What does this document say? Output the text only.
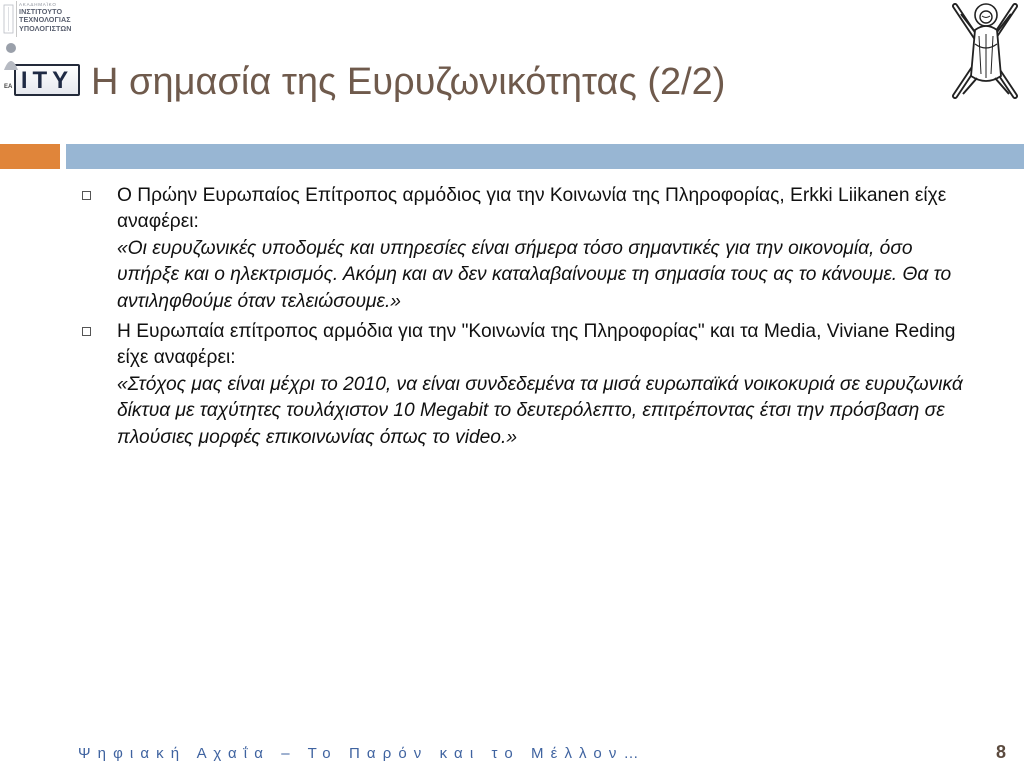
ΑΚΑΔΗΜΑΪΚΟ
ΙΝΣΤΙΤΟΥΤΟ
ΤΕΧΝΟΛΟΓΙΑΣ
ΥΠΟΛΟΓΙΣΤΩΝ
ΕΑ ITY Η σημασία της Ευρυζωνικότητας (2/2)
Ο Πρώην Ευρωπαίος Επίτροπος αρμόδιος για την Κοινωνία της Πληροφορίας, Erkki Liikanen είχε αναφέρει:
«Οι ευρυζωνικές υποδομές και υπηρεσίες είναι σήμερα τόσο σημαντικές για την οικονομία, όσο υπήρξε και ο ηλεκτρισμός. Ακόμη και αν δεν καταλαβαίνουμε τη σημασία τους ας το κάνουμε. Θα το αντιληφθούμε όταν τελειώσουμε.»
Η Ευρωπαία επίτροπος αρμόδια για την "Κοινωνία της Πληροφορίας" και τα Media, Viviane Reding είχε αναφέρει:
«Στόχος μας είναι μέχρι το 2010, να είναι συνδεδεμένα τα μισά ευρωπαϊκά νοικοκυριά σε ευρυζωνικά δίκτυα με ταχύτητες τουλάχιστον 10 Megabit το δευτερόλεπτο, επιτρέποντας έτσι την πρόσβαση σε πλούσιες μορφές επικοινωνίας όπως το video.»
Ψηφιακή Αχαΐα – Το Παρόν και το Μέλλον…	8
